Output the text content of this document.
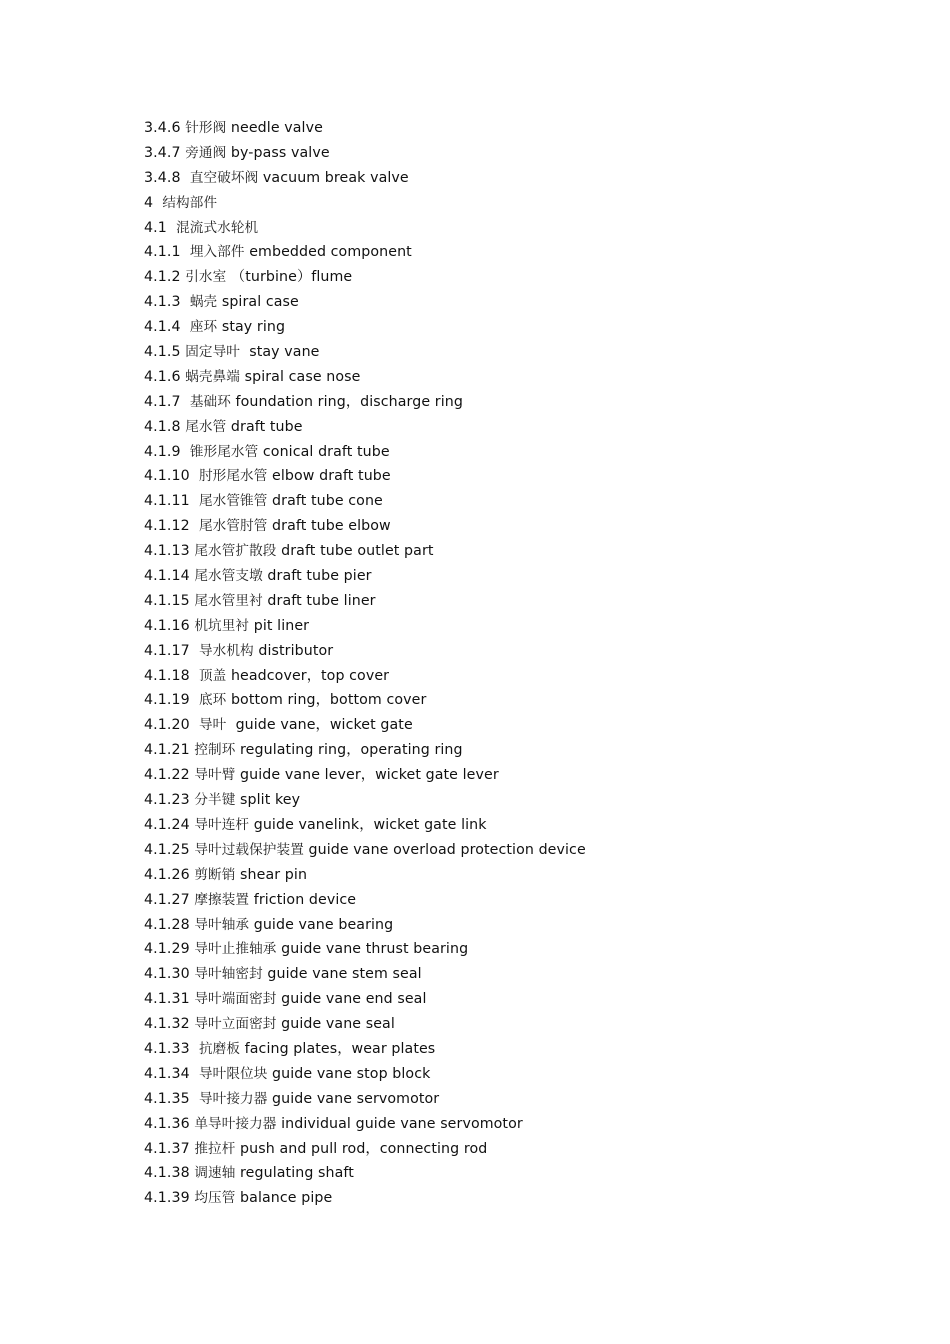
3.4.6 针形阀 needle valve
3.4.7 旁通阀 by-pass valve
3.4.8  直空破坏阀 vacuum break valve
4  结构部件
4.1  混流式水轮机
4.1.1  埋入部件 embedded component
4.1.2 引水室 （turbine）flume
4.1.3  蜗壳 spiral case
4.1.4  座环 stay ring
4.1.5 固定导叶  stay vane
4.1.6 蜗壳鼻端 spiral case nose
4.1.7  基础环 foundation ring，discharge ring
4.1.8 尾水管 draft tube
4.1.9  锥形尾水管 conical draft tube
4.1.10  肘形尾水管 elbow draft tube
4.1.11  尾水管锥管 draft tube cone
4.1.12  尾水管肘管 draft tube elbow
4.1.13 尾水管扩散段 draft tube outlet part
4.1.14 尾水管支墩 draft tube pier
4.1.15 尾水管里衬 draft tube liner
4.1.16 机坑里衬 pit liner
4.1.17  导水机构 distributor
4.1.18  顶盖 headcover，top cover
4.1.19  底环 bottom ring，bottom cover
4.1.20  导叶  guide vane，wicket gate
4.1.21 控制环 regulating ring，operating ring
4.1.22 导叶臂 guide vane lever，wicket gate lever
4.1.23 分半键 split key
4.1.24 导叶连杆 guide vanelink，wicket gate link
4.1.25 导叶过载保护装置 guide vane overload protection device
4.1.26 剪断销 shear pin
4.1.27 摩擦装置 friction device
4.1.28 导叶轴承 guide vane bearing
4.1.29 导叶止推轴承 guide vane thrust bearing
4.1.30 导叶轴密封 guide vane stem seal
4.1.31 导叶端面密封 guide vane end seal
4.1.32 导叶立面密封 guide vane seal
4.1.33  抗磨板 facing plates，wear plates
4.1.34  导叶限位块 guide vane stop block
4.1.35  导叶接力器 guide vane servomotor
4.1.36 单导叶接力器 individual guide vane servomotor
4.1.37 推拉杆 push and pull rod，connecting rod
4.1.38 调速轴 regulating shaft
4.1.39 均压管 balance pipe
